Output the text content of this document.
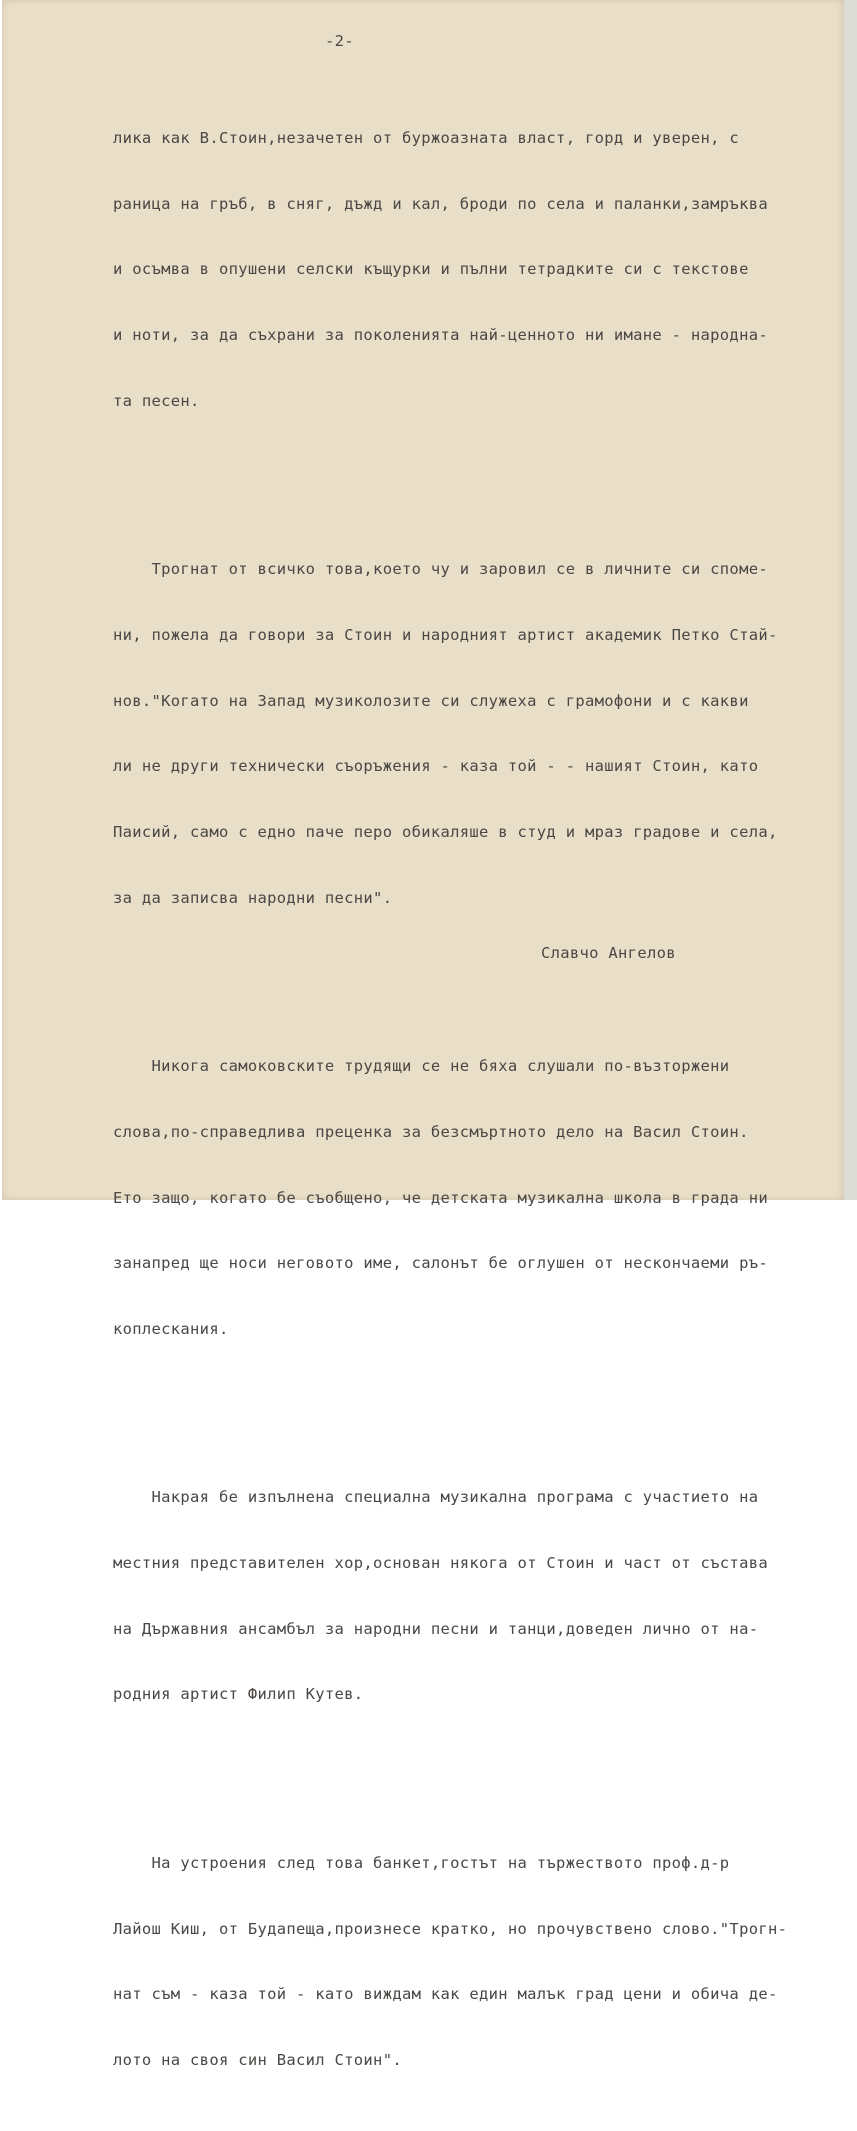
-2-

лика как В.Стоин,незачетен от буржоазната власт, горд и уверен, с

раница на гръб, в сняг, дъжд и кал, броди по села и паланки,замръква

и осъмва в опушени селски къщурки и пълни тетрадките си с текстове

и ноти, за да съхрани за поколенията най-ценното ни имане - народна-

та песен.

Трогнат от всичко това,което чу и заровил се в личните си споме-

ни, пожела да говори за Стоин и народният артист академик Петко Стай-

нов."Когато на Запад музиколозите си служеха с грамофони и с какви

ли не други технически съоръжения - каза той - - нашият Стоин, като

Паисий, само с едно паче перо обикаляше в студ и мраз градове и села,

за да записва народни песни".

Никога самоковските трудящи се не бяха слушали по-възторжени

слова,по-справедлива преценка за безсмъртното дело на Васил Стоин.

Ето защо, когато бе съобщено, че детската музикална школа в града ни

занапред ще носи неговото име, салонът бе оглушен от нескончаеми ръ-

коплескания.

Накрая бе изпълнена специална музикална програма с участието на

местния представителен хор,основан някога от Стоин и част от състава

на Държавния ансамбъл за народни песни и танци,доведен лично от на-

родния артист Филип Кутев.

На устроения след това банкет,гостът на тържеството проф.д-р

Лайош Киш, от Будапеща,произнесе кратко, но прочувствено слово."Трогн-

нат съм - каза той - като виждам как един малък град цени и обича де-

лото на своя син Васил Стоин".

Славчо Ангелов
